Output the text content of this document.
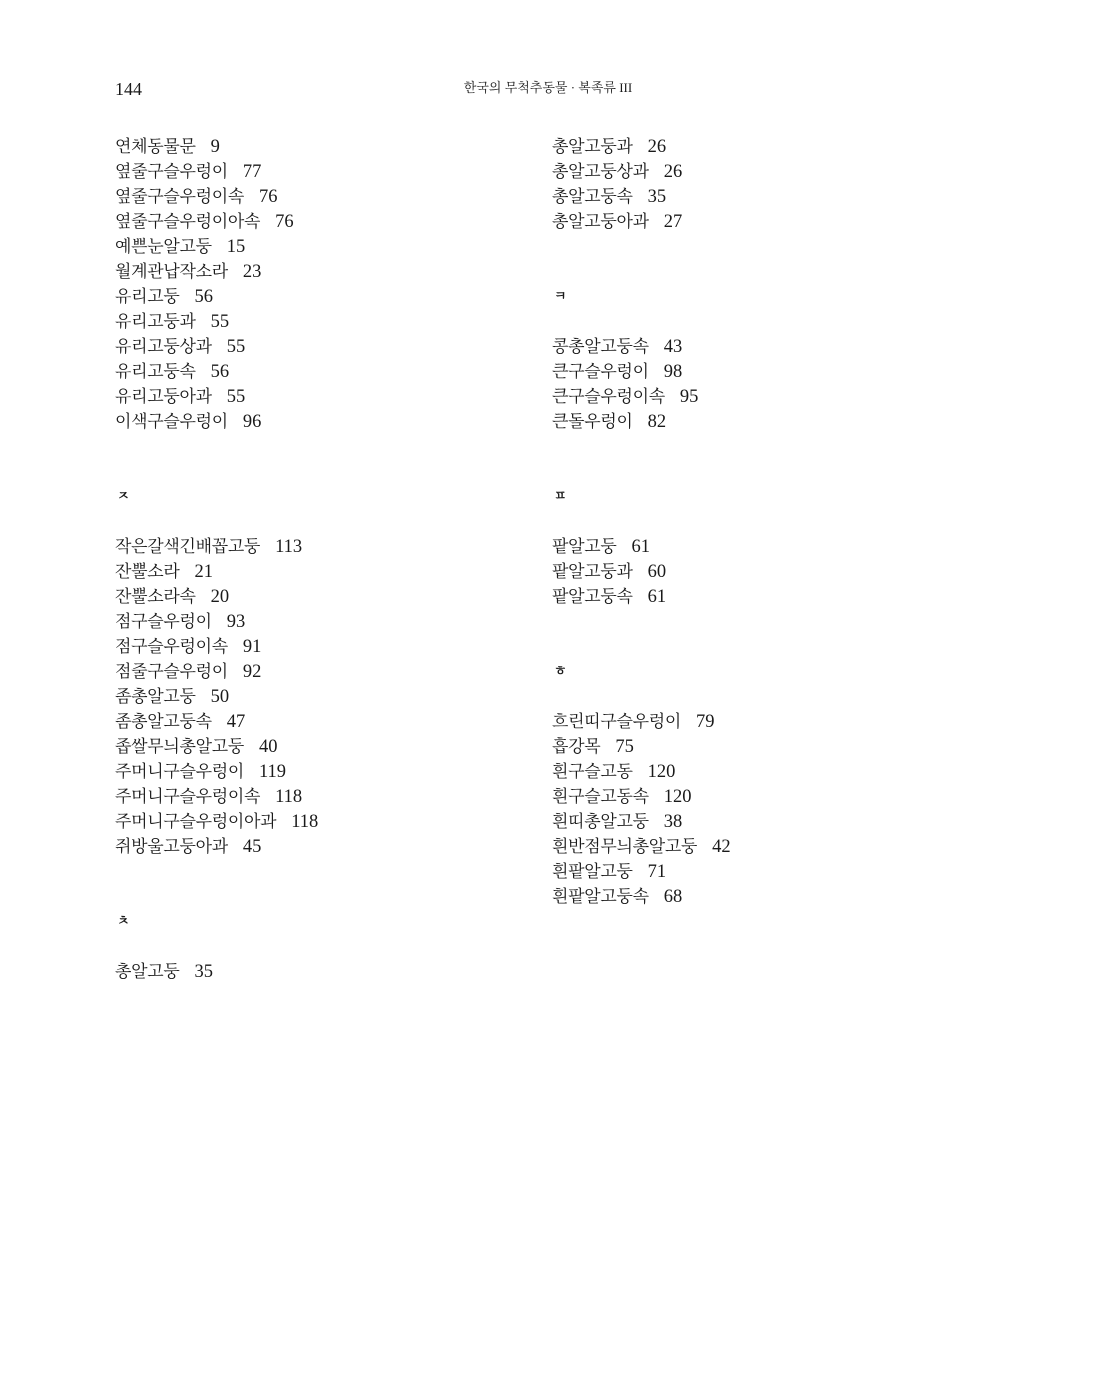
144	한국의 무척추동물 · 복족류 III
연체동물문 9
옆줄구슬우렁이 77
옆줄구슬우렁이속 76
옆줄구슬우렁이아속 76
예쁜눈알고둥 15
월계관납작소라 23
유리고둥 56
유리고둥과 55
유리고둥상과 55
유리고둥속 56
유리고둥아과 55
이색구슬우렁이 96
ㅈ
작은갈색긴배꼽고둥 113
잔뿔소라 21
잔뿔소라속 20
점구슬우렁이 93
점구슬우렁이속 91
점줄구슬우렁이 92
좀총알고둥 50
좀총알고둥속 47
좁쌀무늬총알고둥 40
주머니구슬우렁이 119
주머니구슬우렁이속 118
주머니구슬우렁이아과 118
쥐방울고둥아과 45
ㅊ
총알고둥 35
총알고둥과 26
총알고둥상과 26
총알고둥속 35
총알고둥아과 27
ㅋ
콩총알고둥속 43
큰구슬우렁이 98
큰구슬우렁이속 95
큰돌우렁이 82
ㅍ
팥알고둥 61
팥알고둥과 60
팥알고둥속 61
ㅎ
흐린띠구슬우렁이 79
흡강목 75
흰구슬고동 120
흰구슬고동속 120
흰띠총알고둥 38
흰반점무늬총알고둥 42
흰팥알고둥 71
흰팥알고둥속 68
